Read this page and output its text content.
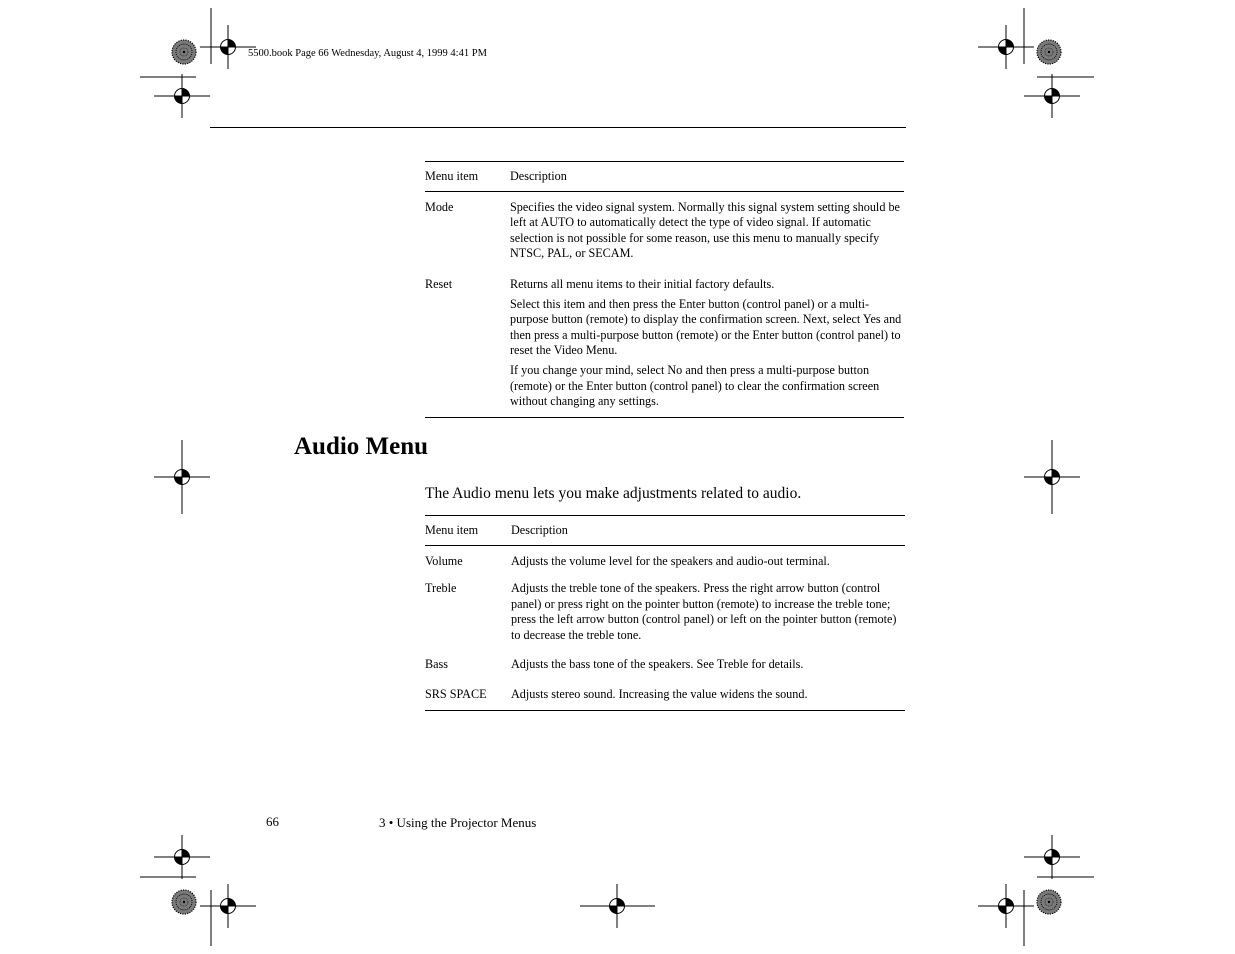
5500.book Page 66 Wednesday, August 4, 1999 4:41 PM
Menu item	Description
Mode	Specifies the video signal system. Normally this signal system setting should be left at AUTO to automatically detect the type of video signal. If automatic selection is not possible for some reason, use this menu to manually specify NTSC, PAL, or SECAM.

Reset	Returns all menu items to their initial factory defaults.

Select this item and then press the Enter button (control panel) or a multi-purpose button (remote) to display the confirmation screen. Next, select Yes and then press a multi-purpose button (remote) or the Enter button (control panel) to reset the Video Menu.

If you change your mind, select No and then press a multi-purpose button (remote) or the Enter button (control panel) to clear the confirmation screen without changing any settings.

Audio Menu
The Audio menu lets you make adjustments related to audio.
Menu item	Description
Volume	Adjusts the volume level for the speakers and audio-out terminal.
Treble	Adjusts the treble tone of the speakers. Press the right arrow button (control panel) or press right on the pointer button (remote) to increase the treble tone; press the left arrow button (control panel) or left on the pointer button (remote) to decrease the treble tone.
Bass	Adjusts the bass tone of the speakers. See Treble for details.
SRS SPACE	Adjusts stereo sound. Increasing the value widens the sound.
66	3 • Using the Projector Menus
